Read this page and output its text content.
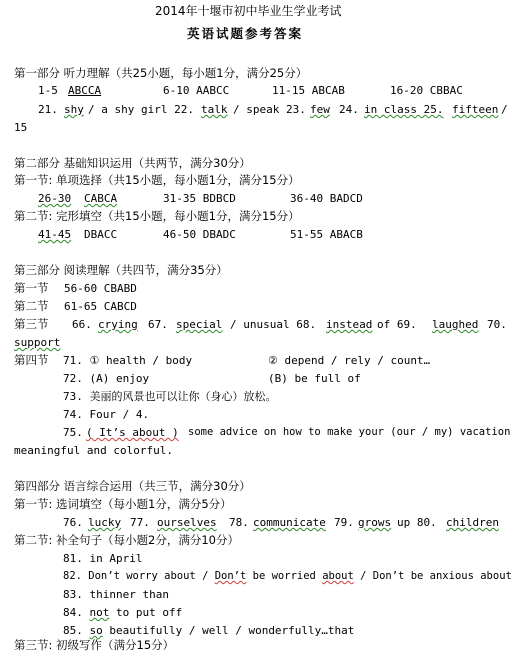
2014年十堰市初中毕业生学业考试
英语试题参考答案
第一部分 听力理解（共25小题，每小题1分，满分25分）
1-5 ABCCA	6-10 AABCC	11-15 ABCAB	16-20 CBBAC
21. shy / a shy girl 22. talk / speak 23. few 24. in class 25. fifteen /
15
第二部分 基础知识运用（共两节，满分30分）
第一节: 单项选择（共15小题，每小题1分，满分15分）
26-30 CABCA	31-35 BDBCD	36-40 BADCD
第二节: 完形填空（共15小题，每小题1分，满分15分）
41-45 DBACC	46-50 DBADC	51-55 ABACB
第三部分 阅读理解（共四节，满分35分）
第一节 56-60 CBABD
第二节 61-65 CABCD
第三节 66. crying 67. special / unusual 68. instead of 69. laughed 70.
support
第四节 71. ① health / body	② depend / rely / count…
72. (A) enjoy	(B) be full of
73. 美丽的风景也可以让你（身心）放松。
74. Four / 4.
75. ( It’s about ) some advice on how to make your (our / my) vacation
meaningful and colorful.
第四部分 语言综合运用（共三节，满分30分）
第一节: 选词填空（每小题1分，满分5分）
76. lucky 77. ourselves 78. communicate 79. grows up 80. children
第二节: 补全句子（每小题2分，满分10分）
81. in April
82. Don’t worry about / Don’t be worried about / Don’t be anxious about
83. thinner than
84. not to put off
85. so beautifully / well / wonderfully…that
第三节: 初级写作（满分15分）
